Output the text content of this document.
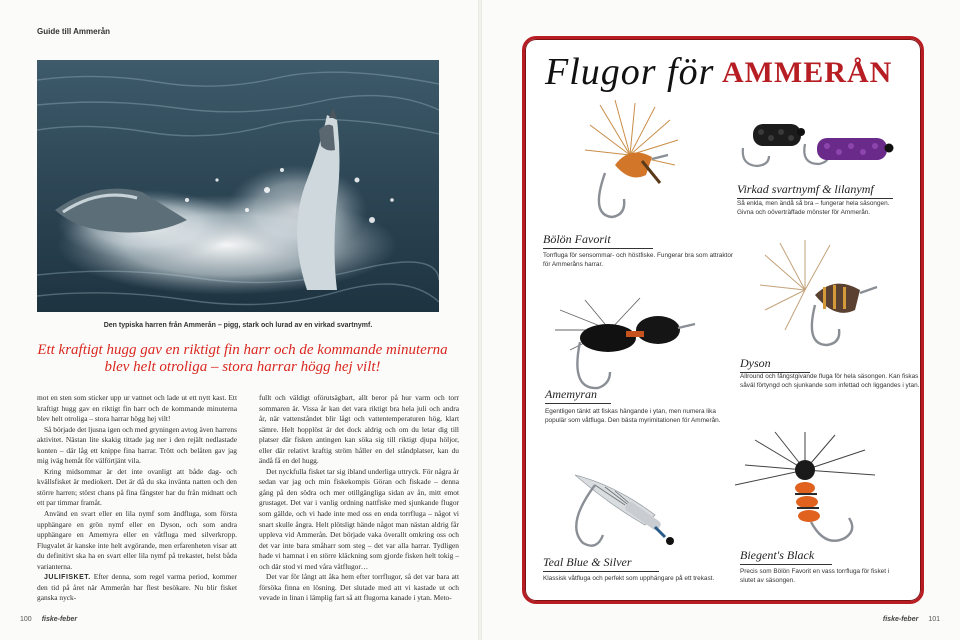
Guide till Ammerån
Den typiska harren från Ammerån – pigg, stark och lurad av en virkad svartnymf.
Ett kraftigt hugg gav en riktigt fin harr och de kommande minuterna blev helt otroliga – stora harrar högg hej vilt!

mot en sten som sticker upp ur vattnet och lade ut ett nytt kast. Ett kraftigt hugg gav en riktigt fin harr och de kommande minuterna blev helt otroliga – stora harrar högg hej vilt!

Så började det ljusna igen och med gryningen avtog även harrens aktivitet. Nästan lite skakig tittade jag ner i den rejält nedlastade konten – där låg ett knippe fina harrar. Trött och belåten gav jag mig iväg hemåt för välförtjänt vila.

Kring midsommar är det inte ovanligt att både dag- och kvällsfisket är mediokert. Det är då du ska invänta natten och den större harren; störst chans på fina fångster har du från midnatt och ett par timmar framåt.

Använd en svart eller en lila nymf som ändfluga, som första upphängare en grön nymf eller en Dyson, och som andra upphängare en Amemyra eller en våtfluga med silverkropp. Flugvalet är kanske inte helt avgörande, men erfarenheten visar att du definitivt ska ha en svart eller lila nymf på trekastet, helst båda varianterna.

JULIFISKET. Efter denna, som regel varma period, kommer den tid på året när Ammerån har flest besökare. Nu blir fisket ganska nyck-

fullt och väldigt oförutsägbart, allt beror på hur varm och torr sommaren är. Vissa år kan det vara riktigt bra hela juli och andra år, när vattenståndet blir lågt och vattentemperaturen hög, klart sämre. Helt hopplöst är det dock aldrig och om du letar dig till platser där fisken antingen kan söka sig till riktigt djupa höljor, eller där relativt kraftig ström håller en del ståndplatser, kan du ändå få en del hugg.

Det nyckfulla fisket tar sig ibland underliga uttryck. För några år sedan var jag och min fiskekompis Göran och fiskade – denna gång på den södra och mer otillgängliga sidan av ån, mitt emot grustaget. Det var i vanlig ordning nattfiske med sjunkande flugor som gällde, och vi hade inte med oss en enda torrfluga – något vi snart skulle ångra. Helt plötsligt hände något man nästan aldrig får uppleva vid Ammerån. Det började vaka överallt omkring oss och det var inte bara småharr som steg – det var alla harrar. Tydligen hade vi hamnat i en större kläckning som gjorde fisken helt tokig – och där stod vi med våra våtflugor…

Det var för långt att åka hem efter torrflugor, så det var bara att försöka finna en lösning. Det slutade med att vi kastade ut och vevade in linan i lämplig fart så att flugorna kanade i ytan. Meto-

100 fiske-feber	fiske-feber 101
Flugor för AMMERÅN
Virkad svartnymf & lilanymf
Så enkla, men ändå så bra – fungerar hela säsongen. Givna och oöverträffade mönster för Ammerån.
Bölön Favorit
Torrfluga för sensommar- och höstfiske. Fungerar bra som attraktor för Ammeråns harrar.
Dyson
Allround och fångstgivande fluga för hela säsongen. Kan fiskas såväl förtyngd och sjunkande som infettad och liggandes i ytan.
Amemyran
Egentligen tänkt att fiskas hängande i ytan, men numera lika populär som våtfluga. Den bästa myrimitationen för Ammerån.
Teal Blue & Silver
Klassisk våtfluga och perfekt som upphängare på ett trekast.
Biegent's Black
Precis som Bölön Favorit en vass torrfluga för fisket i slutet av säsongen.
